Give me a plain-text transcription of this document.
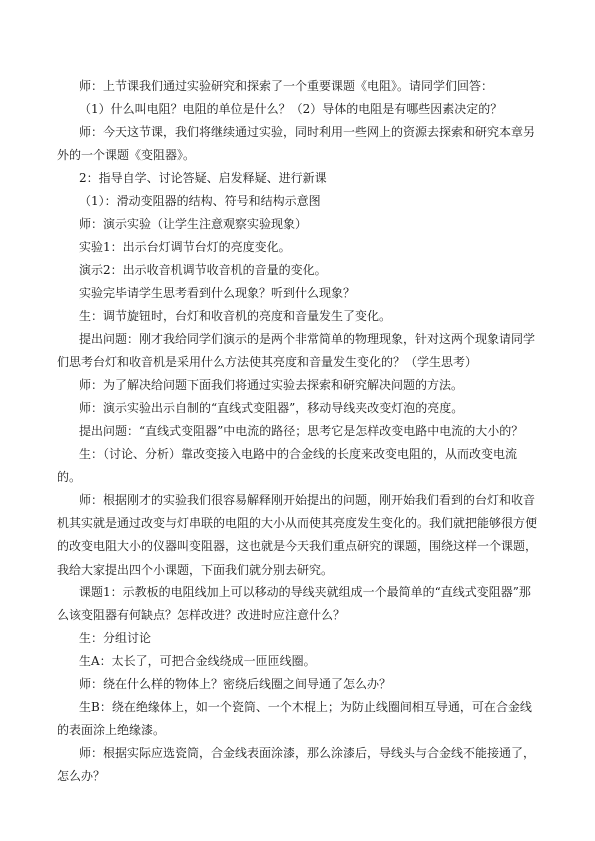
师：上节课我们通过实验研究和探索了一个重要课题《电阻》。请同学们回答：

（1）什么叫电阻？电阻的单位是什么？（2）导体的电阻是有哪些因素决定的？

师：今天这节课，我们将继续通过实验，同时利用一些网上的资源去探索和研究本章另外的一个课题《变阻器》。

2：指导自学、讨论答疑、启发释疑、进行新课

（1）：滑动变阻器的结构、符号和结构示意图

师：演示实验（让学生注意观察实验现象）

实验1：出示台灯调节台灯的亮度变化。

演示2：出示收音机调节收音机的音量的变化。

实验完毕请学生思考看到什么现象？听到什么现象？

生：调节旋钮时，台灯和收音机的亮度和音量发生了变化。

提出问题：刚才我给同学们演示的是两个非常简单的物理现象，针对这两个现象请同学们思考台灯和收音机是采用什么方法使其亮度和音量发生变化的？（学生思考）

师：为了解决给问题下面我们将通过实验去探索和研究解决问题的方法。

师：演示实验出示自制的“直线式变阻器”，移动导线夹改变灯泡的亮度。

提出问题：“直线式变阻器”中电流的路径；思考它是怎样改变电路中电流的大小的？

生：（讨论、分析）靠改变接入电路中的合金线的长度来改变电阻的，从而改变电流的。

师：根据刚才的实验我们很容易解释刚开始提出的问题，刚开始我们看到的台灯和收音机其实就是通过改变与灯串联的电阻的大小从而使其亮度发生变化的。我们就把能够很方便的改变电阻大小的仪器叫变阻器，这也就是今天我们重点研究的课题，围绕这样一个课题，我给大家提出四个小课题，下面我们就分别去研究。

课题1：示教板的电阻线加上可以移动的导线夹就组成一个最简单的“直线式变阻器”那么该变阻器有何缺点？怎样改进？改进时应注意什么？

生：分组讨论

生A：太长了，可把合金线绕成一匝匝线圈。

师：绕在什么样的物体上？密绕后线圈之间导通了怎么办？

生B：绕在绝缘体上，如一个瓷筒、一个木棍上；为防止线圈间相互导通，可在合金线的表面涂上绝缘漆。

师：根据实际应选瓷筒，合金线表面涂漆，那么涂漆后，导线头与合金线不能接通了，怎么办？
